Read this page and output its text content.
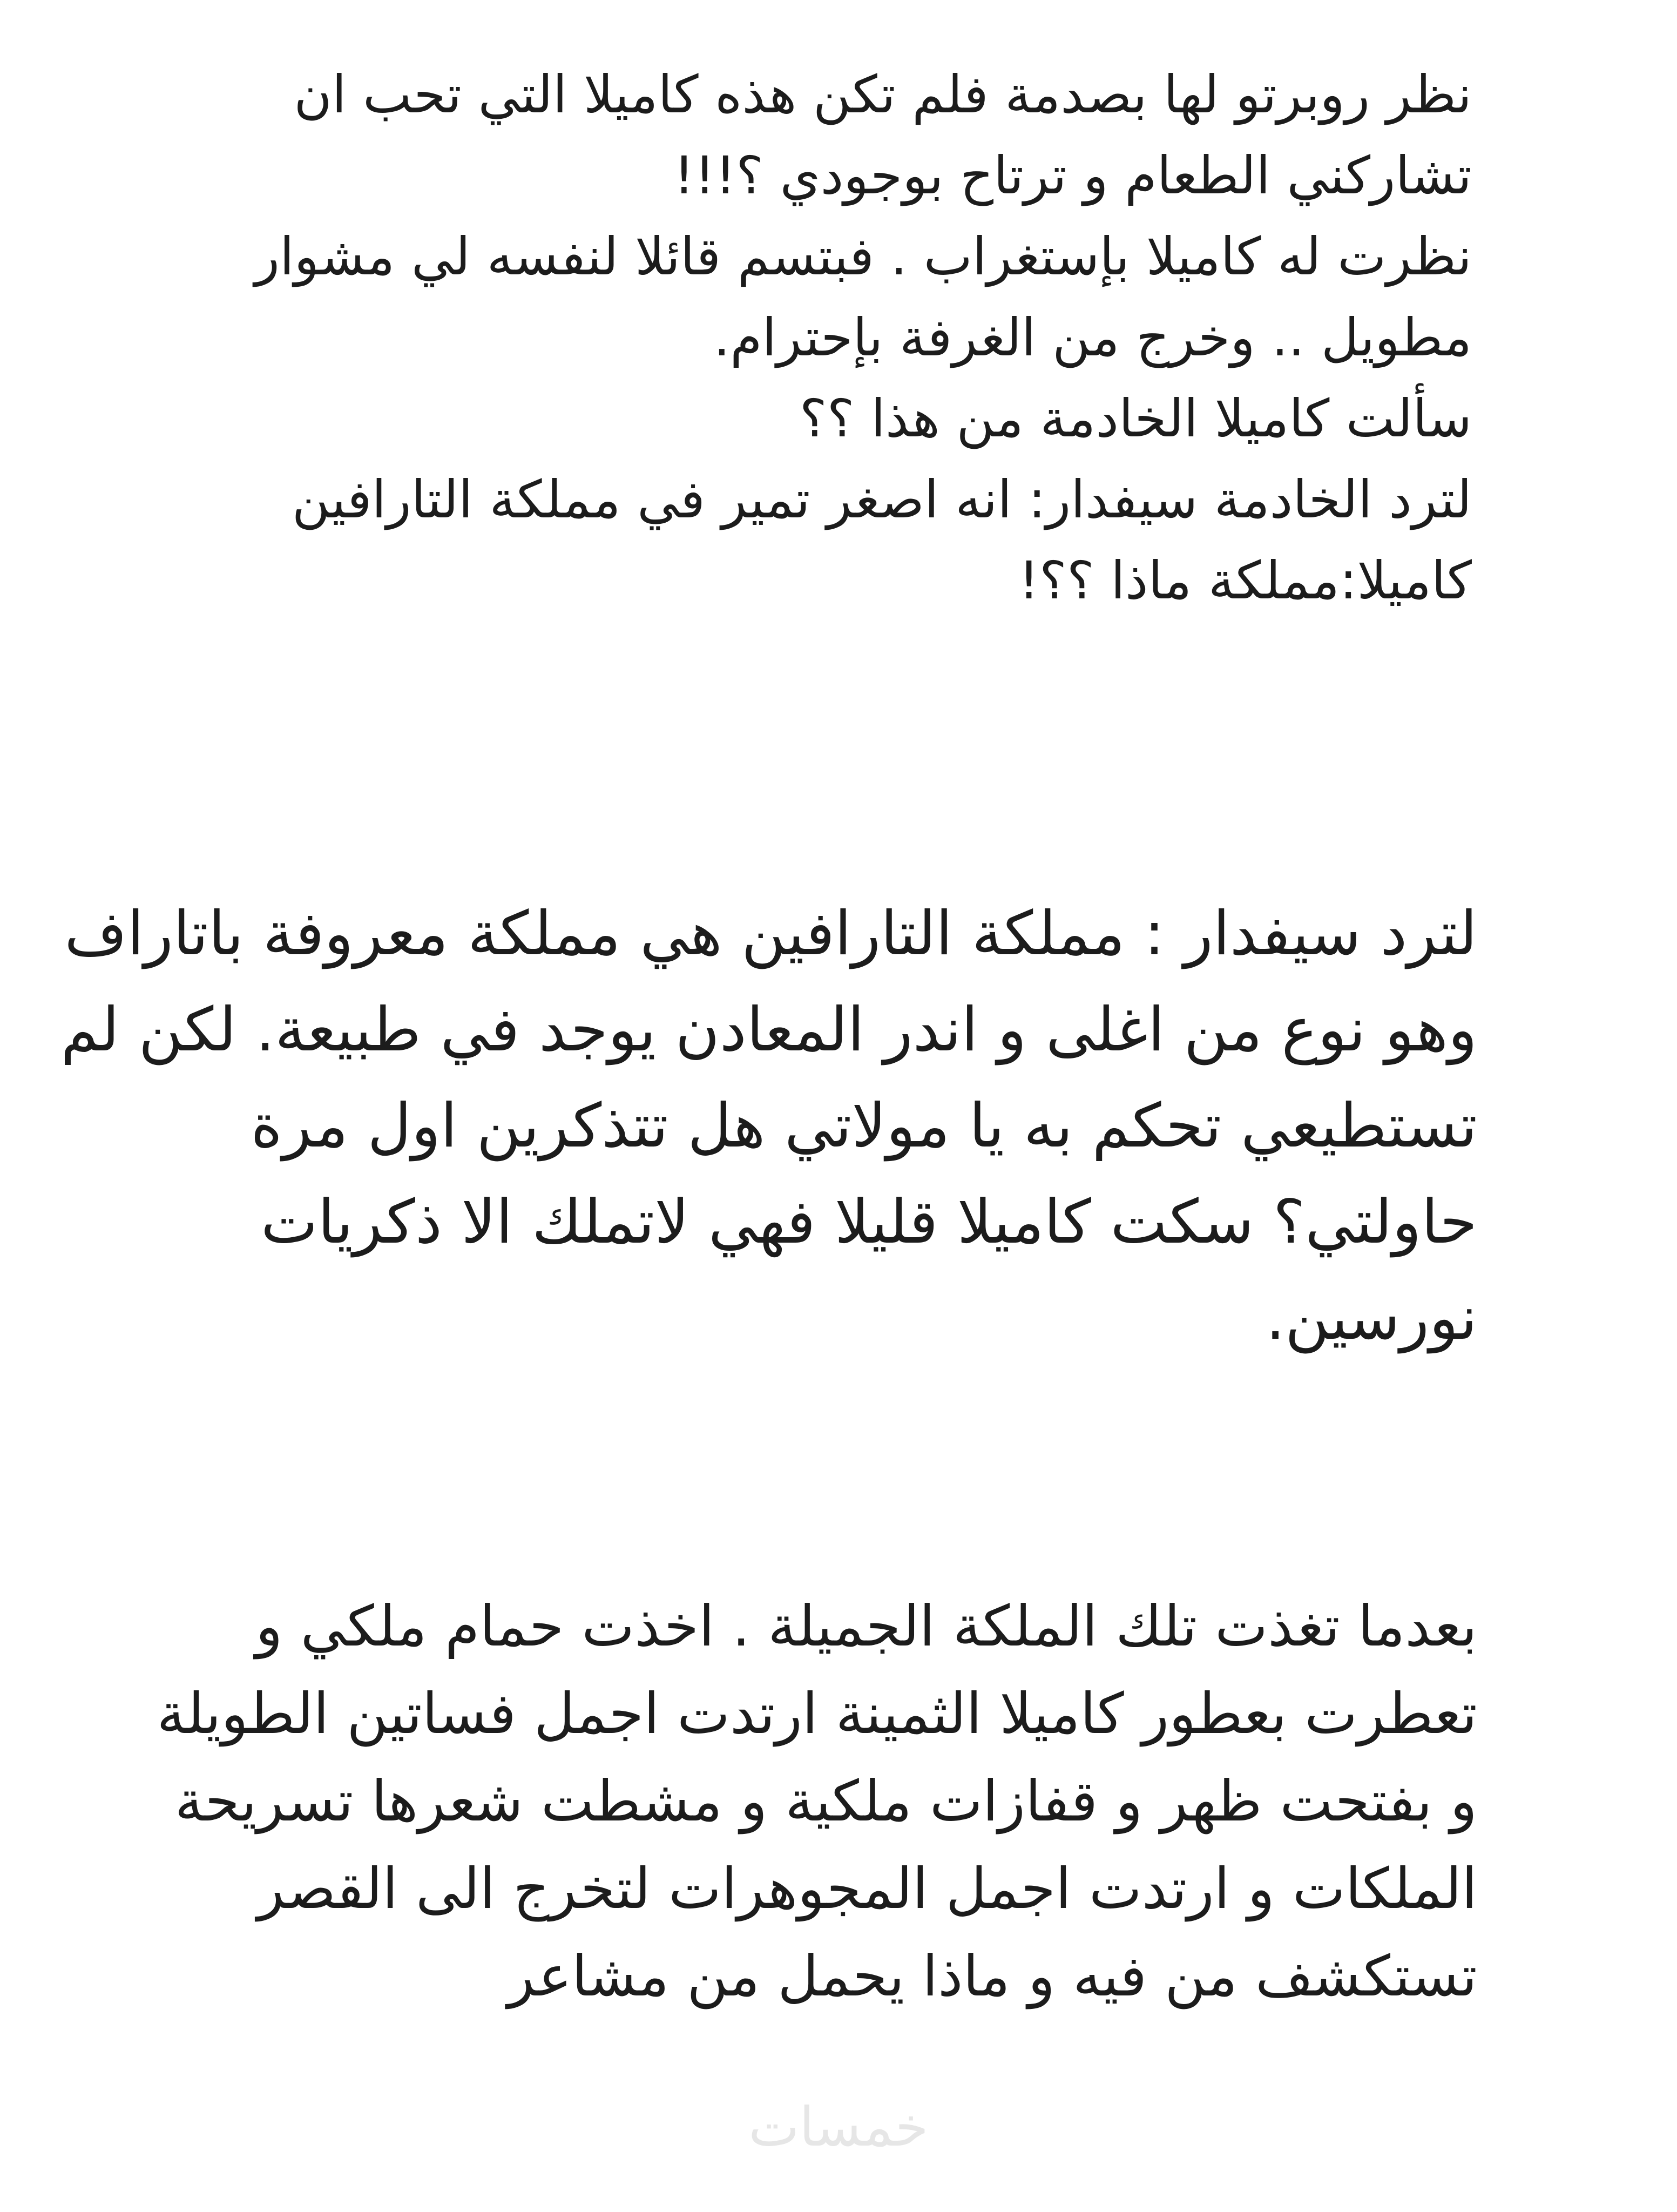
نظر روبرتو لها بصدمة فلم تكن هذه كاميلا التي تحب ان
تشاركني الطعام و ترتاح بوجودي ؟!!!
نظرت له كاميلا بإستغراب . فبتسم قائلا لنفسه لي مشوار
مطويل .. وخرج من الغرفة بإحترام.
سألت كاميلا الخادمة من هذا ؟؟
لترد الخادمة سيفدار: انه اصغر تمير في مملكة التارافين
كاميلا:مملكة ماذا ؟؟!
لترد سيفدار : مملكة التارافين هي مملكة معروفة باتاراف
وهو نوع من اغلى و اندر المعادن يوجد في طبيعة. لكن لم
تستطيعي تحكم به يا مولاتي هل تتذكرين اول مرة
حاولتي؟ سكت كاميلا قليلا فهي لاتملك الا ذكريات
نورسين.
بعدما تغذت تلك الملكة الجميلة . اخذت حمام ملكي و
تعطرت بعطور كاميلا الثمينة ارتدت اجمل فساتين الطويلة
و بفتحت ظهر و قفازات ملكية و مشطت شعرها تسريحة
الملكات و ارتدت اجمل المجوهرات لتخرج الى القصر
تستكشف من فيه و ماذا يحمل من مشاعر
خمسات
